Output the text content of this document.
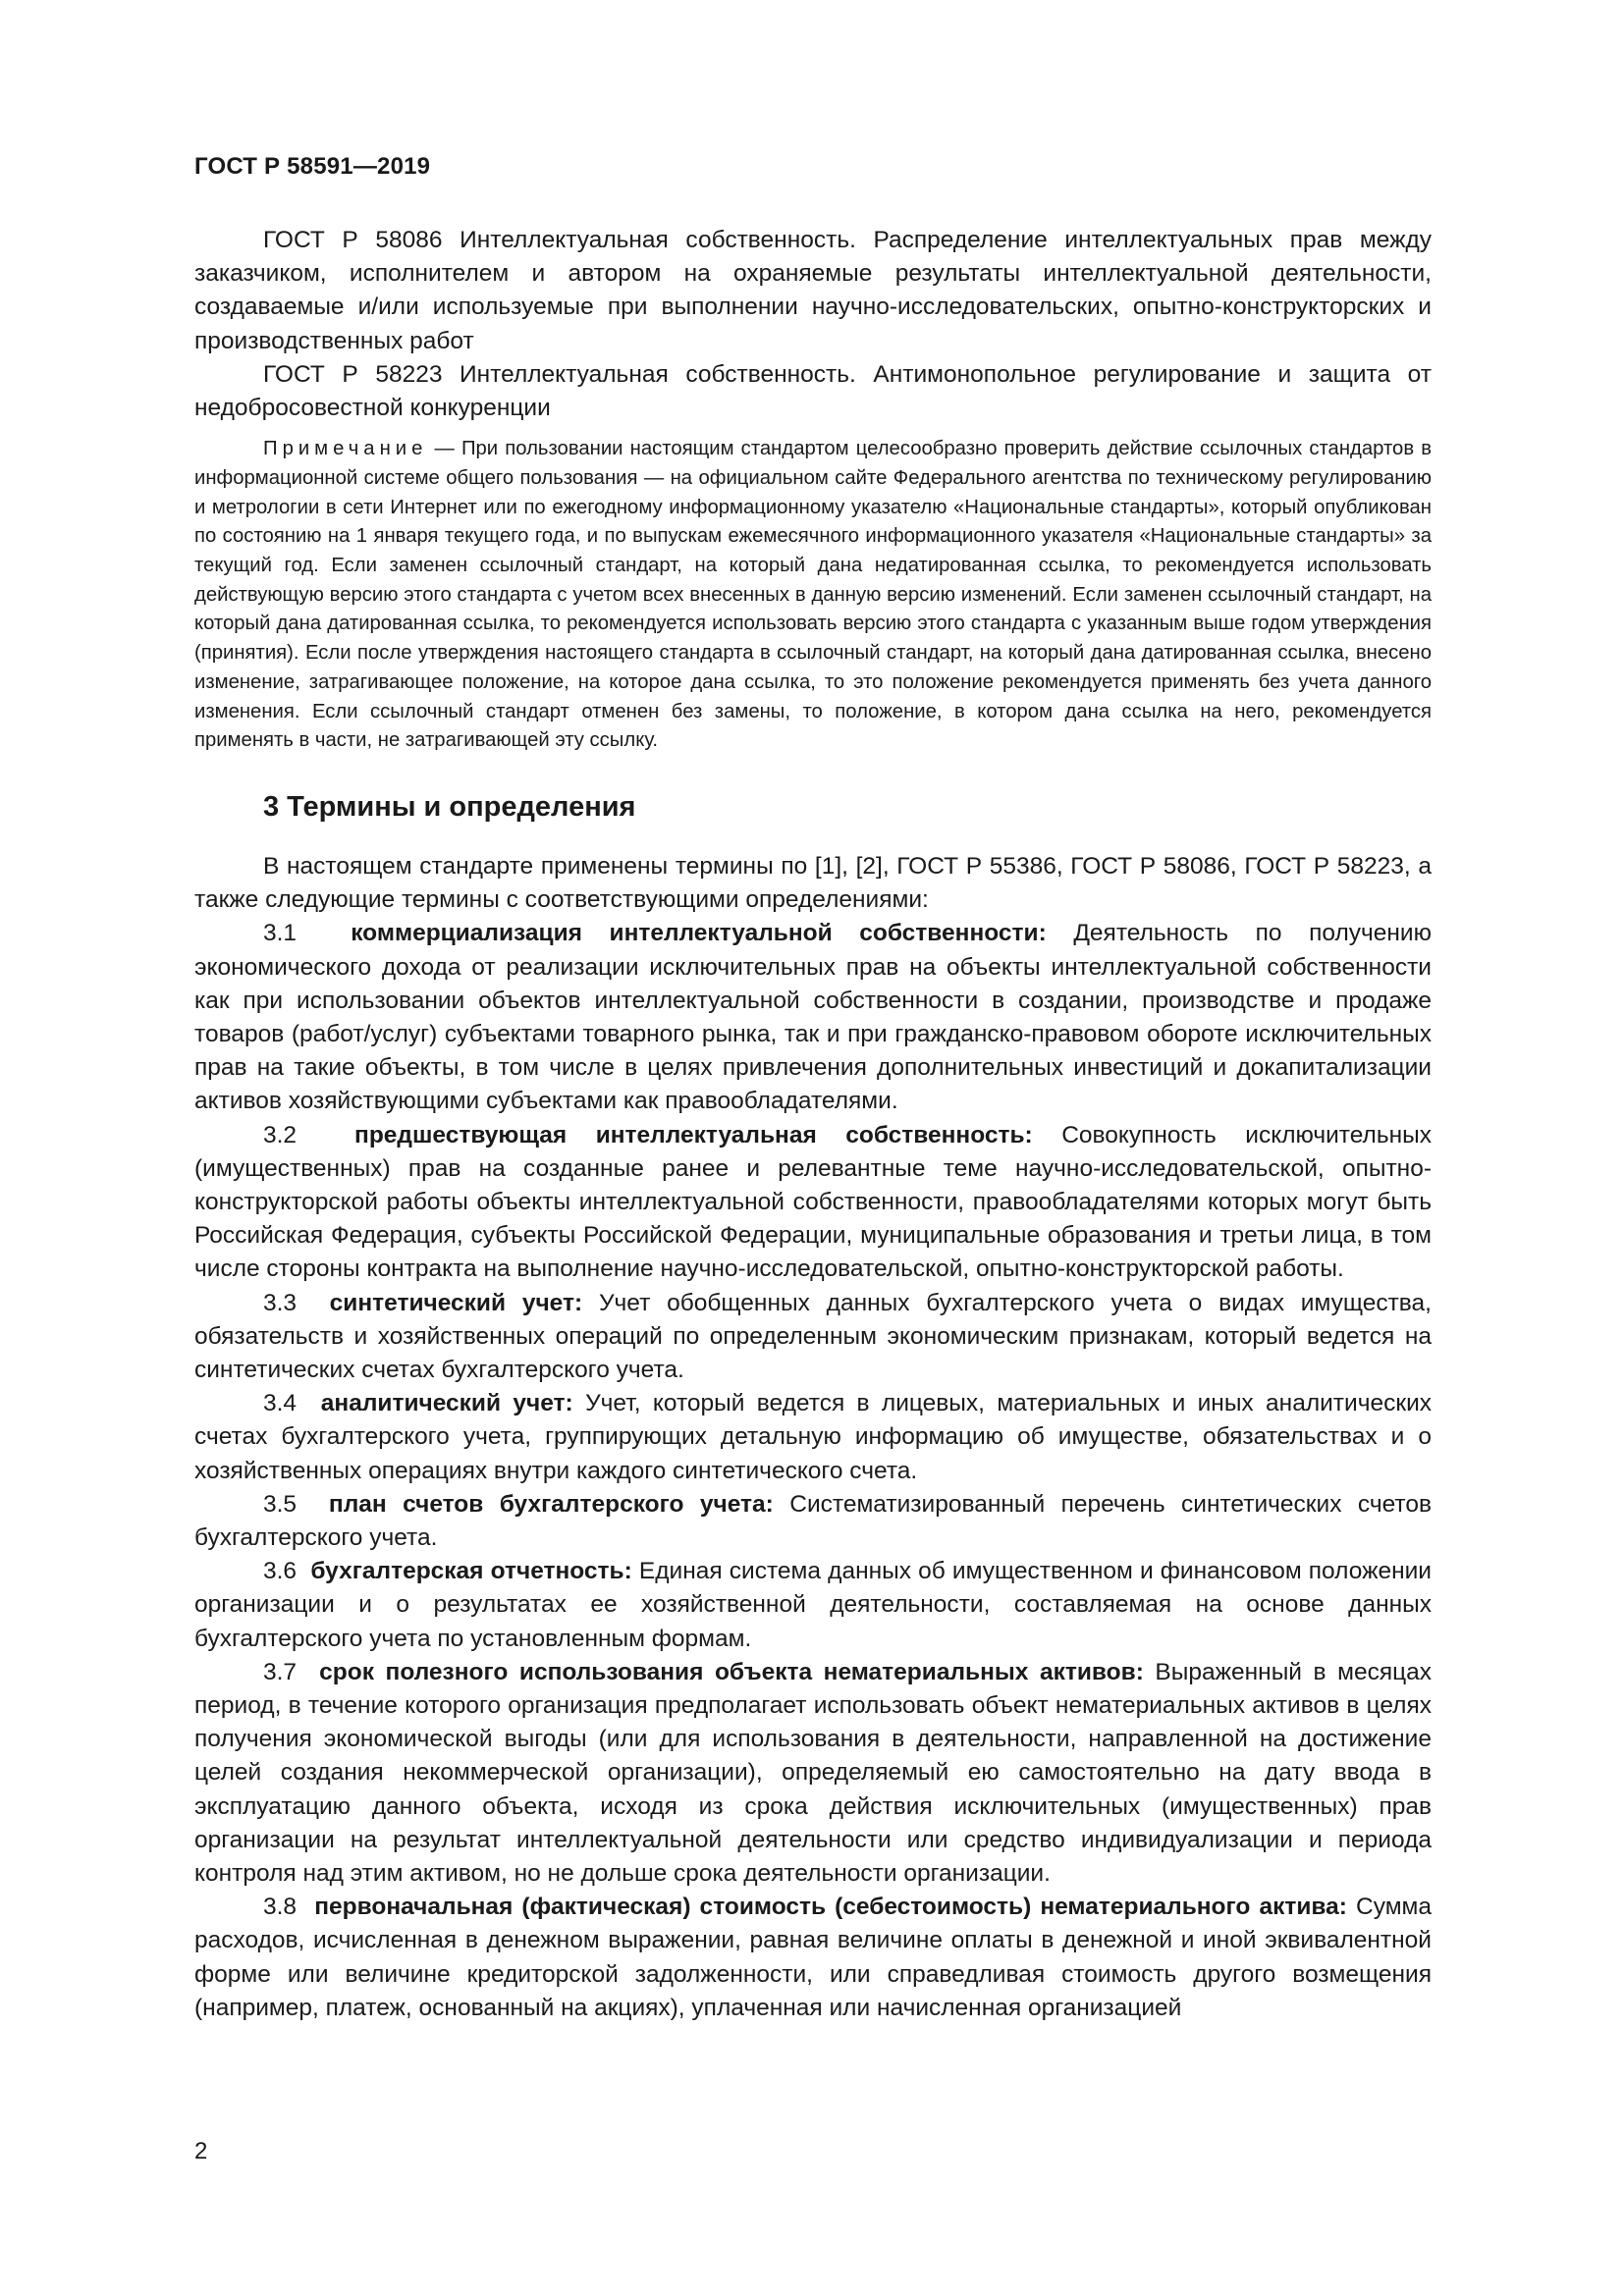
ГОСТ Р 58591—2019

ГОСТ Р 58086 Интеллектуальная собственность. Распределение интеллектуальных прав между заказчиком, исполнителем и автором на охраняемые результаты интеллектуальной деятельности, создаваемые и/или используемые при выполнении научно-исследовательских, опытно-конструкторских и производственных работ

ГОСТ Р 58223 Интеллектуальная собственность. Антимонопольное регулирование и защита от недобросовестной конкуренции

Примечание — При пользовании настоящим стандартом целесообразно проверить действие ссылочных стандартов в информационной системе общего пользования — на официальном сайте Федерального агентства по техническому регулированию и метрологии в сети Интернет или по ежегодному информационному указателю «Национальные стандарты», который опубликован по состоянию на 1 января текущего года, и по выпускам ежемесячного информационного указателя «Национальные стандарты» за текущий год. Если заменен ссылочный стандарт, на который дана недатированная ссылка, то рекомендуется использовать действующую версию этого стандарта с учетом всех внесенных в данную версию изменений. Если заменен ссылочный стандарт, на который дана датированная ссылка, то рекомендуется использовать версию этого стандарта с указанным выше годом утверждения (принятия). Если после утверждения настоящего стандарта в ссылочный стандарт, на который дана датированная ссылка, внесено изменение, затрагивающее положение, на которое дана ссылка, то это положение рекомендуется применять без учета данного изменения. Если ссылочный стандарт отменен без замены, то положение, в котором дана ссылка на него, рекомендуется применять в части, не затрагивающей эту ссылку.
3 Термины и определения

В настоящем стандарте применены термины по [1], [2], ГОСТ Р 55386, ГОСТ Р 58086, ГОСТ Р 58223, а также следующие термины с соответствующими определениями:

3.1 коммерциализация интеллектуальной собственности: Деятельность по получению экономического дохода от реализации исключительных прав на объекты интеллектуальной собственности как при использовании объектов интеллектуальной собственности в создании, производстве и продаже товаров (работ/услуг) субъектами товарного рынка, так и при гражданско-правовом обороте исключительных прав на такие объекты, в том числе в целях привлечения дополнительных инвестиций и докапитализации активов хозяйствующими субъектами как правообладателями.

3.2 предшествующая интеллектуальная собственность: Совокупность исключительных (имущественных) прав на созданные ранее и релевантные теме научно-исследовательской, опытно-конструкторской работы объекты интеллектуальной собственности, правообладателями которых могут быть Российская Федерация, субъекты Российской Федерации, муниципальные образования и третьи лица, в том числе стороны контракта на выполнение научно-исследовательской, опытно-конструкторской работы.

3.3 синтетический учет: Учет обобщенных данных бухгалтерского учета о видах имущества, обязательств и хозяйственных операций по определенным экономическим признакам, который ведется на синтетических счетах бухгалтерского учета.

3.4 аналитический учет: Учет, который ведется в лицевых, материальных и иных аналитических счетах бухгалтерского учета, группирующих детальную информацию об имуществе, обязательствах и о хозяйственных операциях внутри каждого синтетического счета.

3.5 план счетов бухгалтерского учета: Систематизированный перечень синтетических счетов бухгалтерского учета.

3.6 бухгалтерская отчетность: Единая система данных об имущественном и финансовом положении организации и о результатах ее хозяйственной деятельности, составляемая на основе данных бухгалтерского учета по установленным формам.

3.7 срок полезного использования объекта нематериальных активов: Выраженный в месяцах период, в течение которого организация предполагает использовать объект нематериальных активов в целях получения экономической выгоды (или для использования в деятельности, направленной на достижение целей создания некоммерческой организации), определяемый ею самостоятельно на дату ввода в эксплуатацию данного объекта, исходя из срока действия исключительных (имущественных) прав организации на результат интеллектуальной деятельности или средство индивидуализации и периода контроля над этим активом, но не дольше срока деятельности организации.

3.8 первоначальная (фактическая) стоимость (себестоимость) нематериального актива: Сумма расходов, исчисленная в денежном выражении, равная величине оплаты в денежной и иной эквивалентной форме или величине кредиторской задолженности, или справедливая стоимость другого возмещения (например, платеж, основанный на акциях), уплаченная или начисленная организацией

2
